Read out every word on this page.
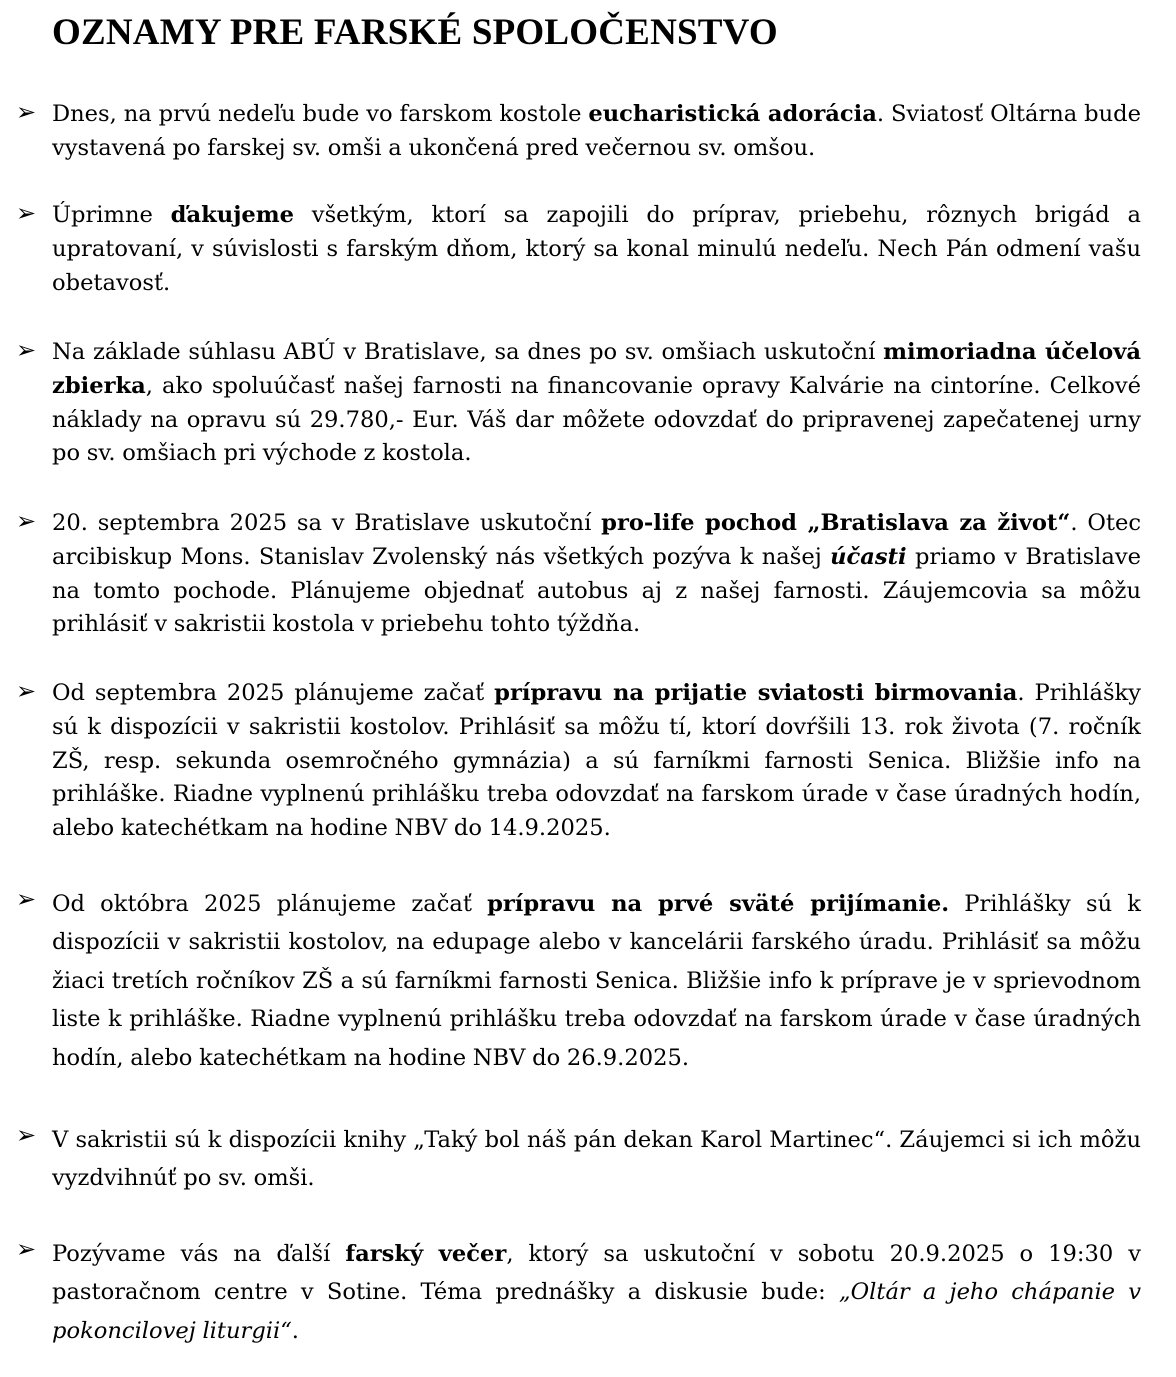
OZNAMY PRE FARSKÉ SPOLOČENSTVO
➢ Dnes, na prvú nedeľu bude vo farskom kostole eucharistická adorácia. Sviatosť Oltárna bude vystavená po farskej sv. omši a ukončená pred večernou sv. omšou.
➢ Úprimne ďakujeme všetkým, ktorí sa zapojili do príprav, priebehu, rôznych brigád a upratovaní, v súvislosti s farským dňom, ktorý sa konal minulú nedeľu. Nech Pán odmení vašu obetavosť.
➢ Na základe súhlasu ABÚ v Bratislave, sa dnes po sv. omšiach uskutoční mimoriadna účelová zbierka, ako spoluúčasť našej farnosti na financovanie opravy Kalvárie na cintoríne. Celkové náklady na opravu sú 29.780,- Eur. Váš dar môžete odovzdať do pripravenej zapečatenej urny po sv. omšiach pri východe z kostola.
➢ 20. septembra 2025 sa v Bratislave uskutoční pro-life pochod „Bratislava za život“. Otec arcibiskup Mons. Stanislav Zvolenský nás všetkých pozýva k našej účasti priamo v Bratislave na tomto pochode. Plánujeme objednať autobus aj z našej farnosti. Záujemcovia sa môžu prihlásiť v sakristii kostola v priebehu tohto týždňa.
➢ Od septembra 2025 plánujeme začať prípravu na prijatie sviatosti birmovania. Prihlášky sú k dispozícii v sakristii kostolov. Prihlásiť sa môžu tí, ktorí dovŕšili 13. rok života (7. ročník ZŠ, resp. sekunda osemročného gymnázia) a sú farníkmi farnosti Senica. Bližšie info na prihláške. Riadne vyplnenú prihlášku treba odovzdať na farskom úrade v čase úradných hodín, alebo katechétkam na hodine NBV do 14.9.2025.
➢ Od októbra 2025 plánujeme začať prípravu na prvé sväté prijímanie. Prihlášky sú k dispozícii v sakristii kostolov, na edupage alebo v kancelárii farského úradu. Prihlásiť sa môžu žiaci tretích ročníkov ZŠ a sú farníkmi farnosti Senica. Bližšie info k príprave je v sprievodnom liste k prihláške. Riadne vyplnenú prihlášku treba odovzdať na farskom úrade v čase úradných hodín, alebo katechétkam na hodine NBV do 26.9.2025.
➢ V sakristii sú k dispozícii knihy „Taký bol náš pán dekan Karol Martinec“. Záujemci si ich môžu vyzdvihnúť po sv. omši.
➢ Pozývame vás na ďalší farský večer, ktorý sa uskutoční v sobotu 20.9.2025 o 19:30 v pastoračnom centre v Sotine. Téma prednášky a diskusie bude: „Oltár a jeho chápanie v pokoncilovej liturgii“.
